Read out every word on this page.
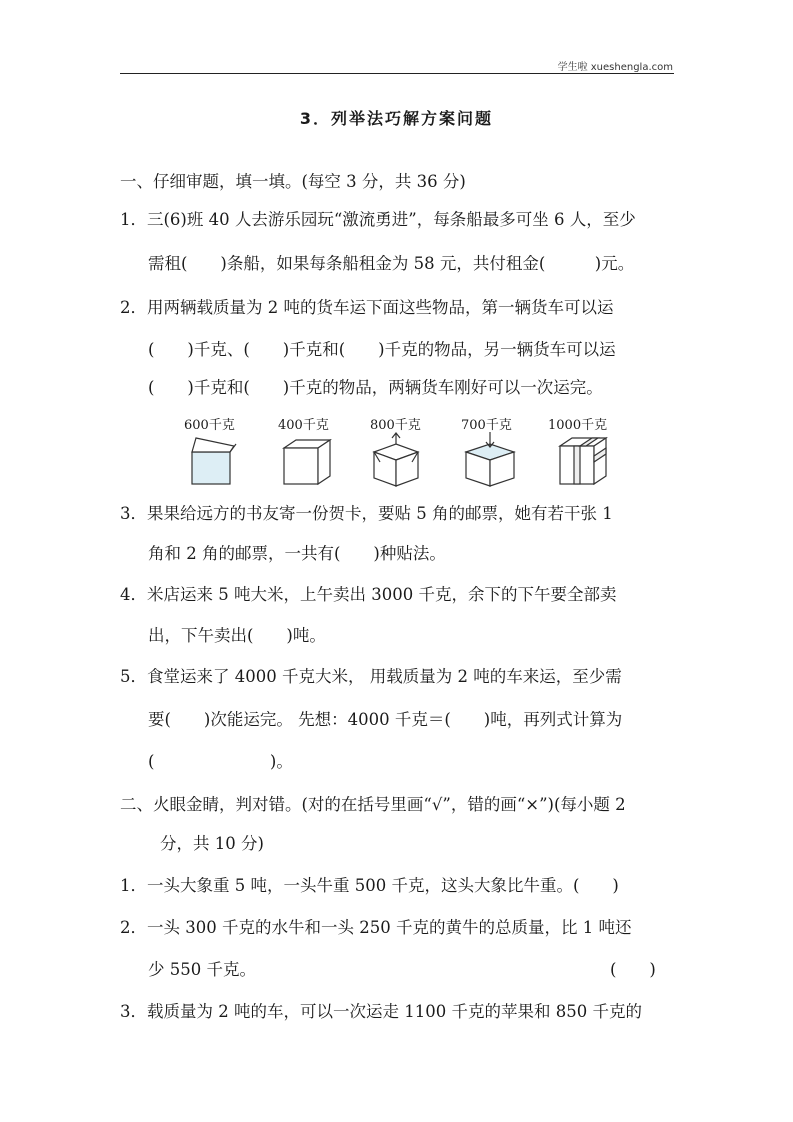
学生啦 xueshengla.com
3．列举法巧解方案问题
一、仔细审题，填一填。(每空 3 分，共 36 分)
1．三(6)班 40 人去游乐园玩“激流勇进”，每条船最多可坐 6 人，至少
需租(　　)条船，如果每条船租金为 58 元，共付租金(　　　)元。
2．用两辆载质量为 2 吨的货车运下面这些物品，第一辆货车可以运
(　　)千克、(　　)千克和(　　)千克的物品，另一辆货车可以运
(　　)千克和(　　)千克的物品，两辆货车刚好可以一次运完。
600千克	400千克	800千克	700千克	1000千克
3．果果给远方的书友寄一份贺卡，要贴 5 角的邮票，她有若干张 1
角和 2 角的邮票，一共有(　　)种贴法。
4．米店运来 5 吨大米，上午卖出 3000 千克，余下的下午要全部卖
出，下午卖出(　　)吨。
5．食堂运来了 4000 千克大米， 用载质量为 2 吨的车来运，至少需
要(　　)次能运完。 先想：4000 千克＝(　　)吨，再列式计算为
(　　　　　　　)。
二、火眼金睛，判对错。(对的在括号里画“√”，错的画“×”)(每小题 2
分，共 10 分)
1．一头大象重 5 吨，一头牛重 500 千克，这头大象比牛重。(　　)
2．一头 300 千克的水牛和一头 250 千克的黄牛的总质量，比 1 吨还
少 550 千克。	(　　)
3．载质量为 2 吨的车，可以一次运走 1100 千克的苹果和 850 千克的
